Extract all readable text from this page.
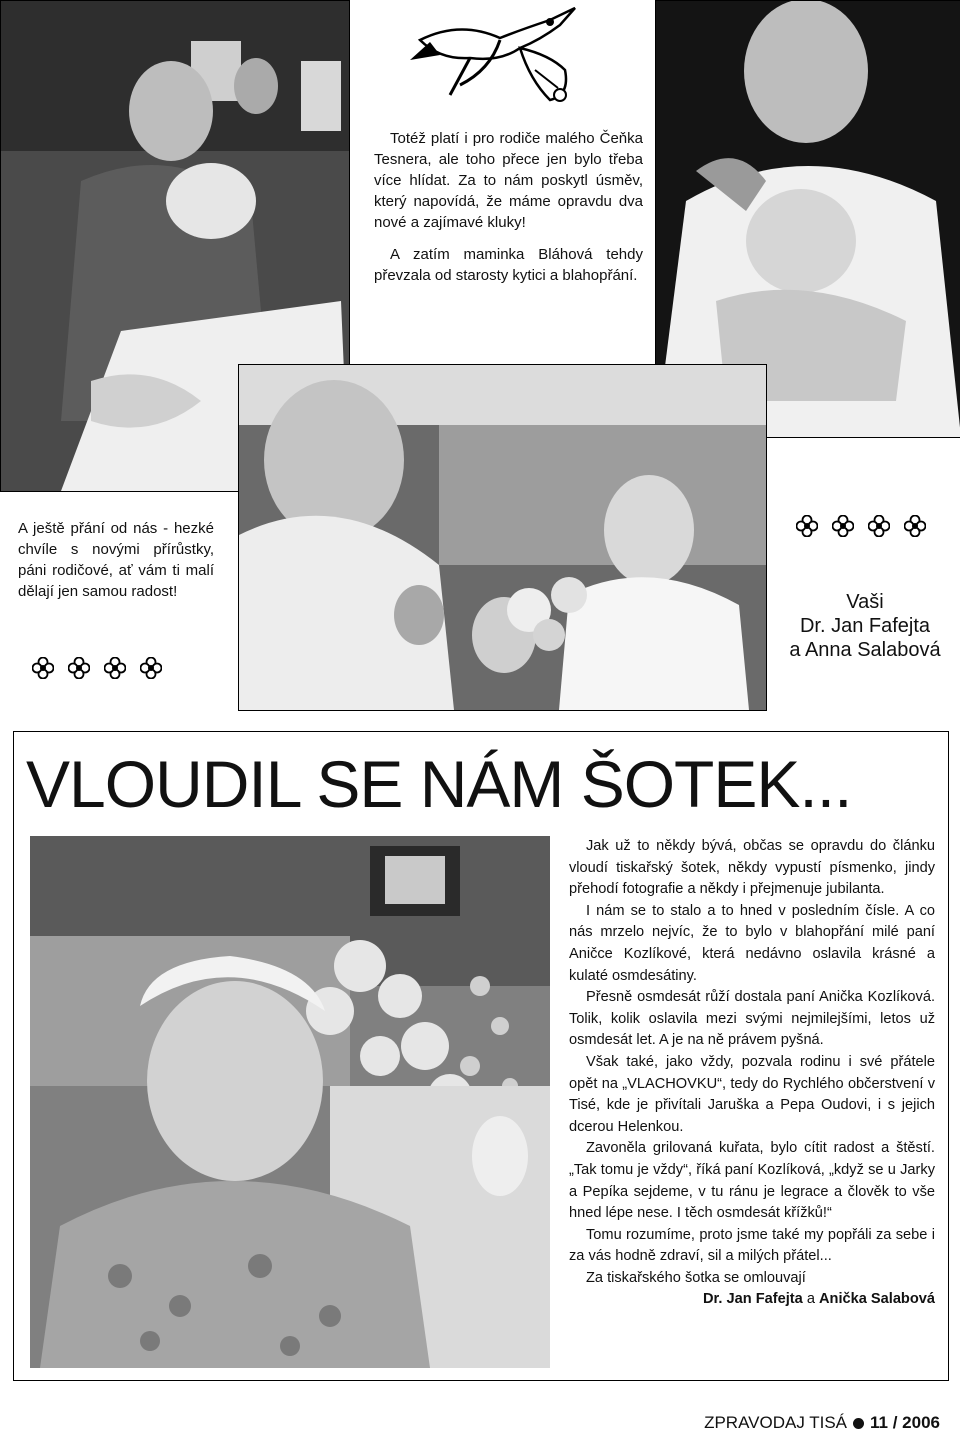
Totéž platí i pro rodiče malého Čeňka Tesnera, ale toho přece jen bylo třeba více hlídat. Za to nám poskytl úsměv, který napovídá, že máme opravdu dva nové a zajímavé kluky!
A zatím maminka Bláhová tehdy převzala od starosty kytici a blahopřání.
A ještě přání od nás - hezké chvíle s novými přírůstky, páni rodičové, ať vám ti malí dělají jen samou radost!	Vaši
Dr. Jan Fafejta
a Anna Salabová
VLOUDIL SE NÁM ŠOTEK...

Jak už to někdy bývá, občas se opravdu do článku vloudí tiskařský šotek, někdy vypustí písmenko, jindy přehodí fotografie a někdy i přejmenuje jubilanta.

I nám se to stalo a to hned v posledním čísle. A co nás mrzelo nejvíc, že to bylo v blahopřání milé paní Aničce Kozlíkové, která nedávno oslavila krásné a kulaté osmdesátiny.

Přesně osmdesát růží dostala paní Anička Kozlíková. Tolik, kolik oslavila mezi svými nejmilejšími, letos už osmdesát let. A je na ně právem pyšná.

Však také, jako vždy, pozvala rodinu i své přátele opět na „VLACHOVKU“, tedy do Rychlého občerstvení v Tisé, kde je přivítali Jaruška a Pepa Oudovi, i s jejich dcerou Helenkou.

Zavoněla grilovaná kuřata, bylo cítit radost a štěstí. „Tak tomu je vždy“, říká paní Kozlíková, „když se u Jarky a Pepíka sejdeme, v tu ránu je legrace a člověk to vše hned lépe nese. I těch osmdesát křížků!“

Tomu rozumíme, proto jsme také my popřáli za sebe i za vás hodně zdraví, sil a milých přátel...

Za tiskařského šotka se omlouvají

Dr. Jan Fafejta a Anička Salabová

ZPRAVODAJ TISÁ 11 / 2006
